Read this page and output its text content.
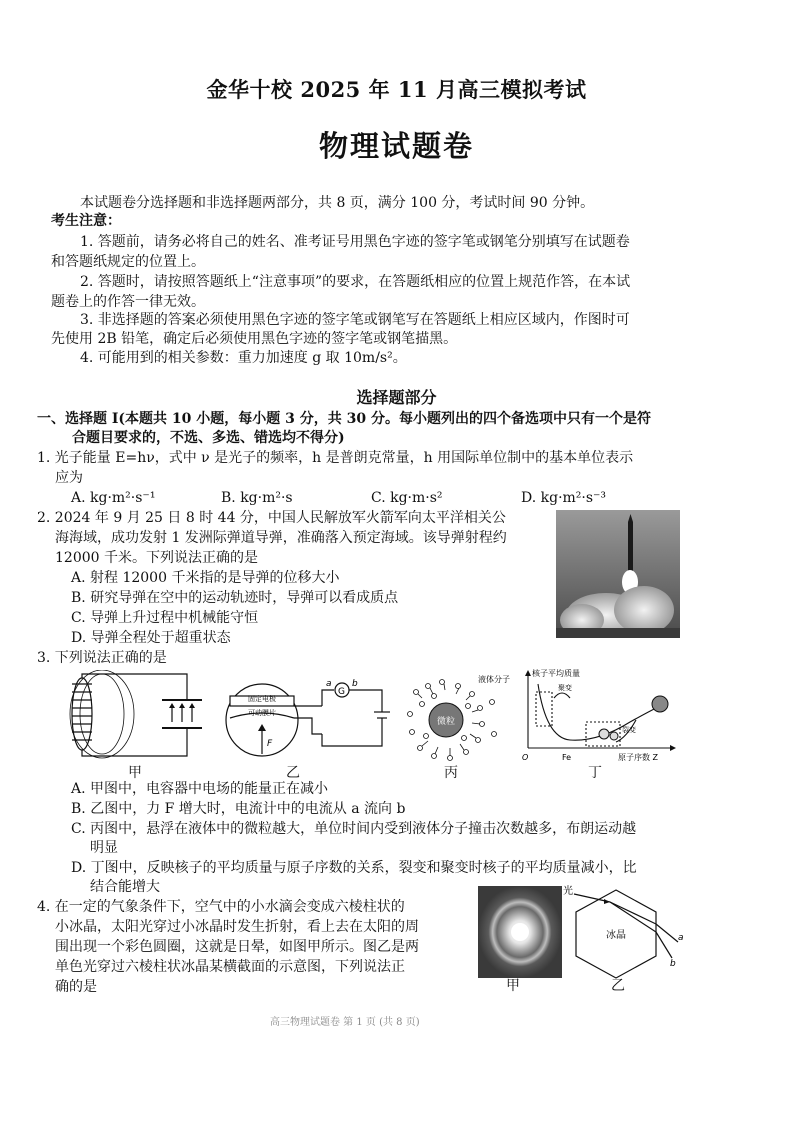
金华十校 2025 年 11 月高三模拟考试
物理试题卷
本试题卷分选择题和非选择题两部分，共 8 页，满分 100 分，考试时间 90 分钟。
考生注意：
1. 答题前，请务必将自己的姓名、准考证号用黑色字迹的签字笔或钢笔分别填写在试题卷
和答题纸规定的位置上。
2. 答题时，请按照答题纸上“注意事项”的要求，在答题纸相应的位置上规范作答，在本试
题卷上的作答一律无效。
3. 非选择题的答案必须使用黑色字迹的签字笔或钢笔写在答题纸上相应区域内，作图时可
先使用 2B 铅笔，确定后必须使用黑色字迹的签字笔或钢笔描黑。
4. 可能用到的相关参数：重力加速度 g 取 10m/s²。
选择题部分
一、选择题 Ⅰ(本题共 10 小题，每小题 3 分，共 30 分。每小题列出的四个备选项中只有一个是符
合题目要求的，不选、多选、错选均不得分)
1. 光子能量 E=hν，式中 ν 是光子的频率，h 是普朗克常量，h 用国际单位制中的基本单位表示
应为
A. kg·m²·s⁻¹	B. kg·m²·s	C. kg·m·s²	D. kg·m²·s⁻³
2. 2024 年 9 月 25 日 8 时 44 分，中国人民解放军火箭军向太平洋相关公
海海域，成功发射 1 发洲际弹道导弹，准确落入预定海域。该导弹射程约
12000 千米。下列说法正确的是
A. 射程 12000 千米指的是导弹的位移大小
B. 研究导弹在空中的运动轨迹时，导弹可以看成质点
C. 导弹上升过程中机械能守恒
D. 导弹全程处于超重状态
3. 下列说法正确的是
甲
固定电极
可动膜片
F
G
a b
乙
微粒
液体分子
丙
核子平均质量
原子序数 Z
O	Fe
聚变
裂变
丁
A. 甲图中，电容器中电场的能量正在减小
B. 乙图中，力 F 增大时，电流计中的电流从 a 流向 b
C. 丙图中，悬浮在液体中的微粒越大，单位时间内受到液体分子撞击次数越多，布朗运动越
明显
D. 丁图中，反映核子的平均质量与原子序数的关系，裂变和聚变时核子的平均质量减小，比
结合能增大
4. 在一定的气象条件下，空气中的小水滴会变成六棱柱状的
小冰晶，太阳光穿过小冰晶时发生折射，看上去在太阳的周
围出现一个彩色圆圈，这就是日晕，如图甲所示。图乙是两
单色光穿过六棱柱状冰晶某横截面的示意图，下列说法正
确的是	甲
光
冰晶	a
b
乙
高三物理试题卷 第 1 页 (共 8 页)
